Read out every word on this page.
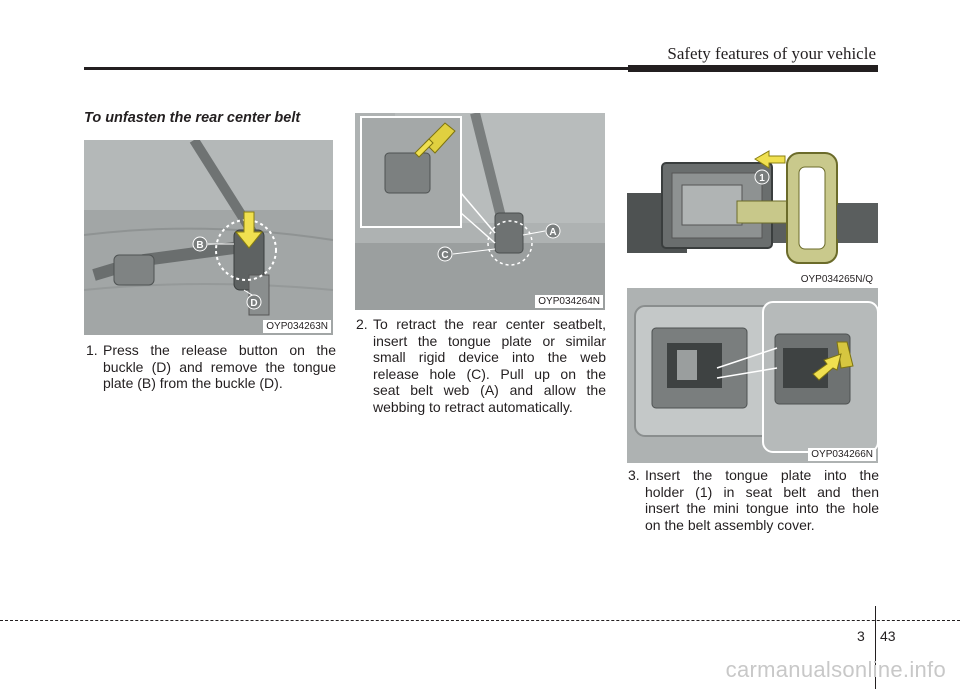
Safety features of your vehicle
To unfasten the rear center belt
B
D
OYP034263N
A
C
OYP034264N
1
OYP034265N/Q
OYP034266N
1. Press the release button on the
buckle (D) and remove the tongue
plate (B) from the buckle (D).
2. To retract the rear center seatbelt,
insert the tongue plate or similar
small rigid device into the web
release hole (C). Pull up on the
seat belt web (A) and allow the
webbing to retract automatically.
3. Insert the tongue plate into the
holder (1) in seat belt and then
insert the mini tongue into the hole
on the belt assembly cover.
3 43
carmanualsonline.info
